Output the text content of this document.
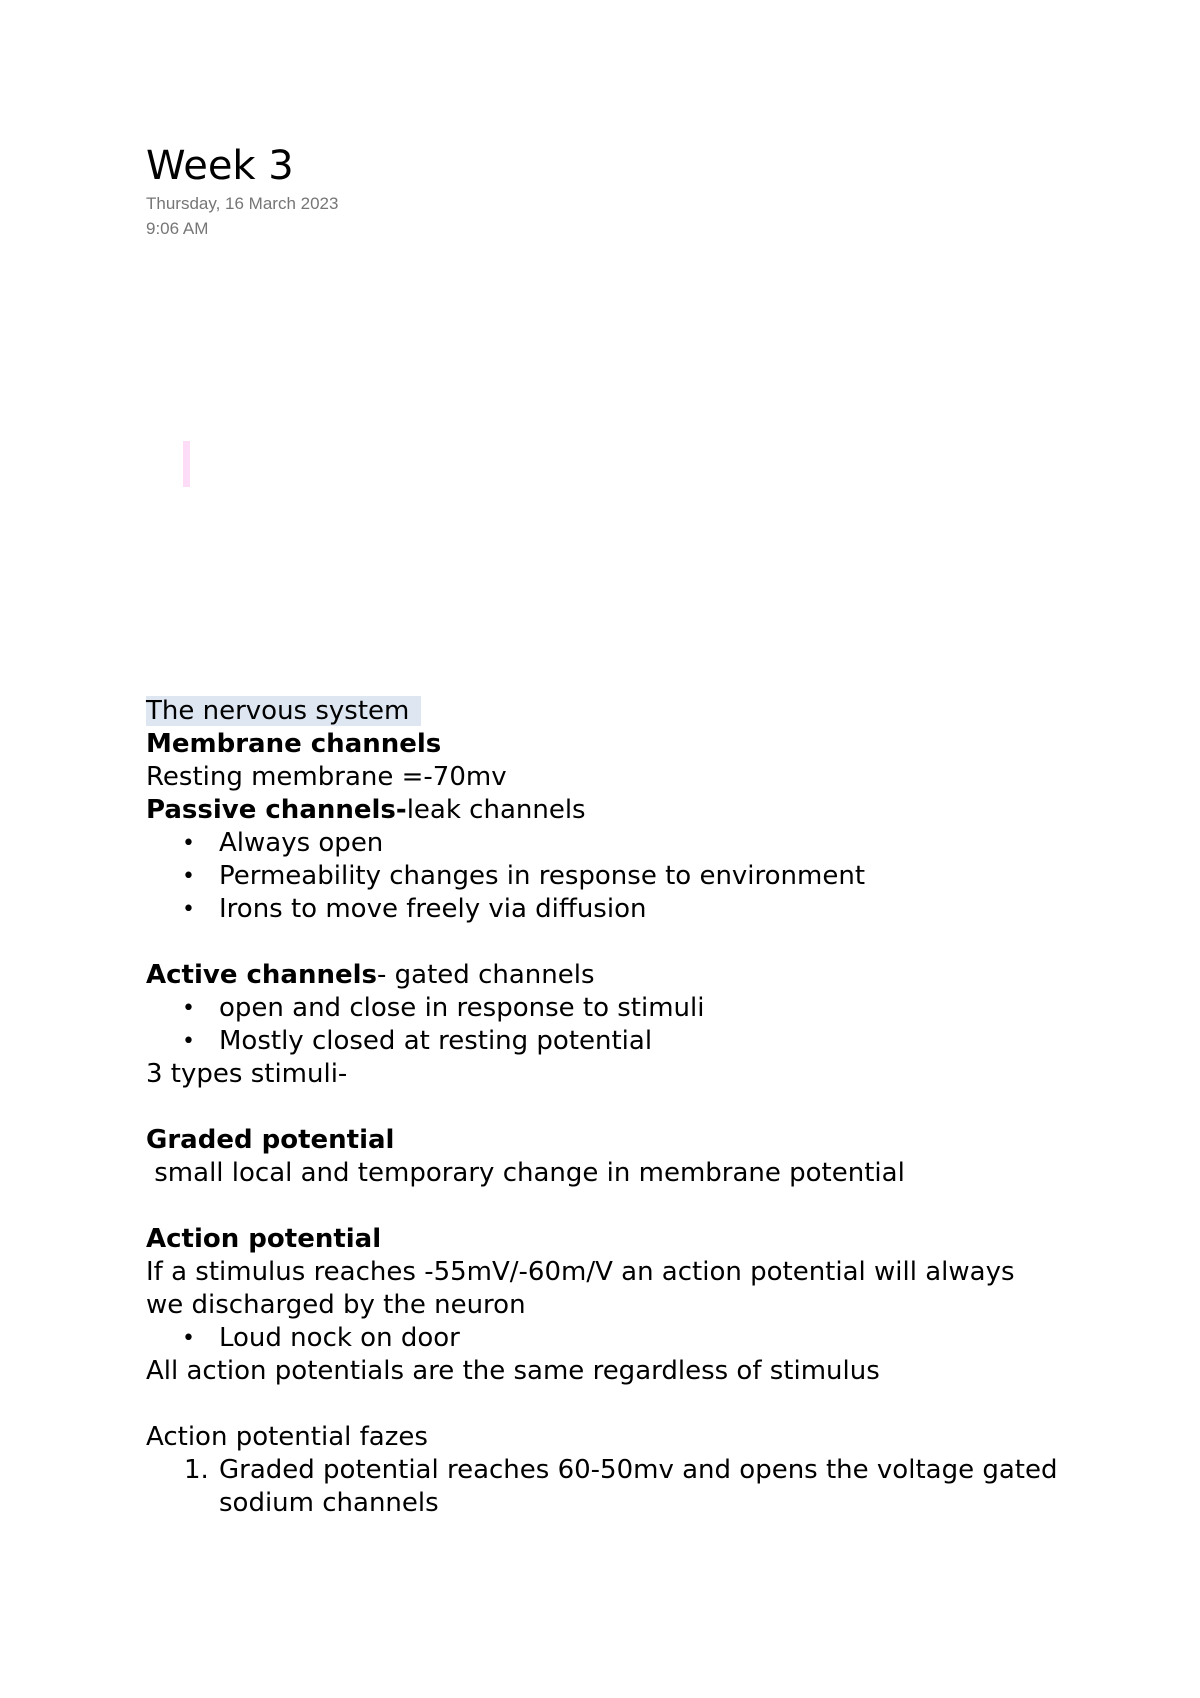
Week 3
Thursday, 16 March 2023
9:06 AM
The nervous system
Membrane channels
Resting membrane =-70mv
Passive channels-leak channels
• Always open
• Permeability changes in response to environment
• Irons to move freely via diffusion
Active channels- gated channels
• open and close in response to stimuli
• Mostly closed at resting potential
3 types stimuli-
Graded potential
small local and temporary change in membrane potential
Action potential
If a stimulus reaches -55mV/-60m/V an action potential will always we discharged by the neuron
• Loud nock on door
All action potentials are the same regardless of stimulus
Action potential fazes
1. Graded potential reaches 60-50mv and opens the voltage gated sodium channels
